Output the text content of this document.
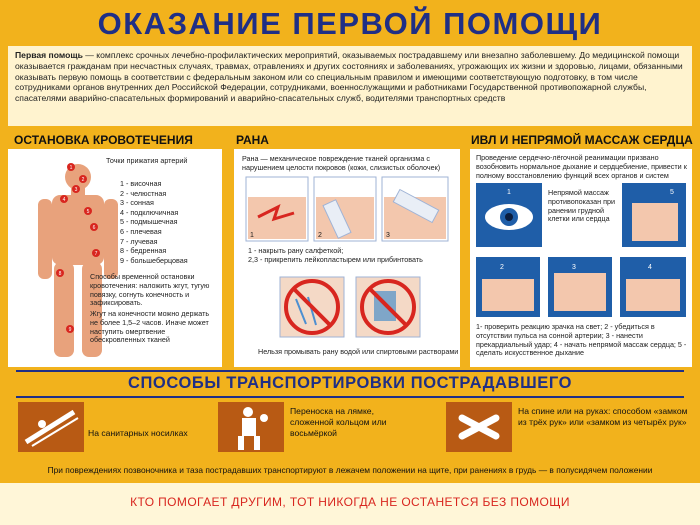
ОКАЗАНИЕ ПЕРВОЙ ПОМОЩИ
Первая помощь — комплекс срочных лечебно-профилактических мероприятий, оказываемых пострадавшему или внезапно заболевшему. До медицинской помощи оказывается гражданам при несчастных случаях, травмах, отравлениях и других состояниях и заболеваниях, угрожающих их жизни и здоровью, лицами, обязанными оказывать первую помощь в соответствии с федеральным законом или со специальным правилом и имеющими соответствующую подготовку, в том числе сотрудниками органов внутренних дел Российской Федерации, сотрудниками, военнослужащими и работниками Государственной противопожарной службы, спасателями аварийно-спасательных формирований и аварийно-спасательных служб, водителями транспортных средств
ОСТАНОВКА КРОВОТЕЧЕНИЯ	РАНА	ИВЛ И НЕПРЯМОЙ МАССАЖ СЕРДЦА
1
2
3
4
5
6
7
8
9
Точки прижатия артерий
1 - височная
2 - челюстная
3 - сонная
4 - подключичная
5 - подмышечная
6 - плечевая
7 - лучевая
8 - бедренная
9 - большеберцовая
Способы временной остановки кровотечения: наложить жгут, тугую повязку, согнуть конечность и зафиксировать.
Жгут на конечности можно держать не более 1,5–2 часов. Иначе может наступить омертвение обескровленных тканей
Рана — механическое повреждение тканей организма с нарушением целости покровов (кожи, слизистых оболочек)
1	2	3
1 - накрыть рану салфеткой;
2,3 - прикрепить лейкопластырем или прибинтовать
Нельзя промывать рану водой или спиртовыми растворами
Проведение сердечно-лёгочной реанимации призвано возобновить нормальное дыхание и сердцебиение, привести к полному восстановлению функций всех органов и систем
1
2	3	4
5
Непрямой массаж противопоказан при ранении грудной клетки или сердца
1- проверить реакцию зрачка на свет; 2 - убедиться в отсутствии пульса на сонной артерии; 3 - нанести прекардиальный удар; 4 - начать непрямой массаж сердца; 5 - сделать искусственное дыхание
СПОСОБЫ ТРАНСПОРТИРОВКИ ПОСТРАДАВШЕГО
На санитарных носилках
Переноска на лямке, сложенной кольцом или восьмёркой
На спине или на руках: способом «замком из трёх рук» или «замком из четырёх рук»
При повреждениях позвоночника и таза пострадавших транспортируют в лежачем положении на щите, при ранениях в грудь — в полусидячем положении
КТО ПОМОГАЕТ ДРУГИМ, ТОТ НИКОГДА НЕ ОСТАНЕТСЯ БЕЗ ПОМОЩИ
